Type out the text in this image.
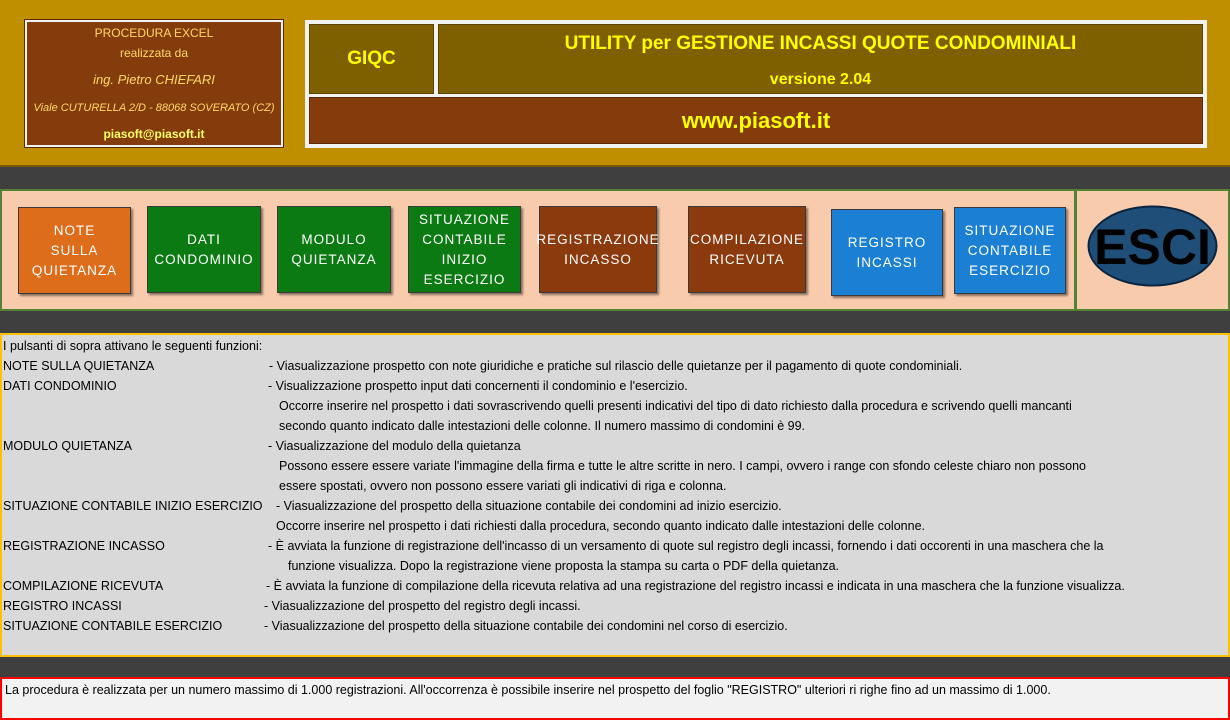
PROCEDURA EXCEL
realizzata da
ing. Pietro CHIEFARI
Viale CUTURELLA 2/D - 88068 SOVERATO (CZ)
piasoft@piasoft.it
GIQC
UTILITY per GESTIONE INCASSI QUOTE CONDOMINIALI
versione 2.04
www.piasoft.it
NOTE
SULLA
QUIETANZA
DATI
CONDOMINIO
MODULO
QUIETANZA
SITUAZIONE
CONTABILE
INIZIO
ESERCIZIO
REGISTRAZIONE
INCASSO
COMPILAZIONE
RICEVUTA
REGISTRO
INCASSI
SITUAZIONE
CONTABILE
ESERCIZIO ESCI
I pulsanti di sopra attivano le seguenti funzioni:
NOTE SULLA QUIETANZA	- Viasualizzazione prospetto con note giuridiche e pratiche sul rilascio delle quietanze per il pagamento di quote condominiali.
DATI CONDOMINIO	- Visualizzazione prospetto input dati concernenti il condominio e l'esercizio.
Occorre inserire nel prospetto i dati sovrascrivendo quelli presenti indicativi del tipo di dato richiesto dalla procedura e scrivendo quelli mancanti
secondo quanto indicato dalle intestazioni delle colonne. Il numero massimo di condomini è 99.
MODULO QUIETANZA	- Viasualizzazione del modulo della quietanza
Possono essere essere variate l'immagine della firma e tutte le altre scritte in nero. I campi, ovvero i range con sfondo celeste chiaro non possono
essere spostati, ovvero non possono essere variati gli indicativi di riga e colonna.
SITUAZIONE CONTABILE INIZIO ESERCIZIO - Viasualizzazione del prospetto della situazione contabile dei condomini ad inizio esercizio.
Occorre inserire nel prospetto i dati richiesti dalla procedura, secondo quanto indicato dalle intestazioni delle colonne.
REGISTRAZIONE INCASSO	- È avviata la funzione di registrazione dell'incasso di un versamento di quote sul registro degli incassi, fornendo i dati occorenti in una maschera che la
funzione visualizza. Dopo la registrazione viene proposta la stampa su carta o PDF della quietanza.
COMPILAZIONE RICEVUTA	- È avviata la funzione di compilazione della ricevuta relativa ad una registrazione del registro incassi e indicata in una maschera che la funzione visualizza.
REGISTRO INCASSI	- Viasualizzazione del prospetto del registro degli incassi.
SITUAZIONE CONTABILE ESERCIZIO	- Viasualizzazione del prospetto della situazione contabile dei condomini nel corso di esercizio.
La procedura è realizzata per un numero massimo di 1.000 registrazioni. All'occorrenza è possibile inserire nel prospetto del foglio "REGISTRO" ulteriori ri righe fino ad un massimo di 1.000.
